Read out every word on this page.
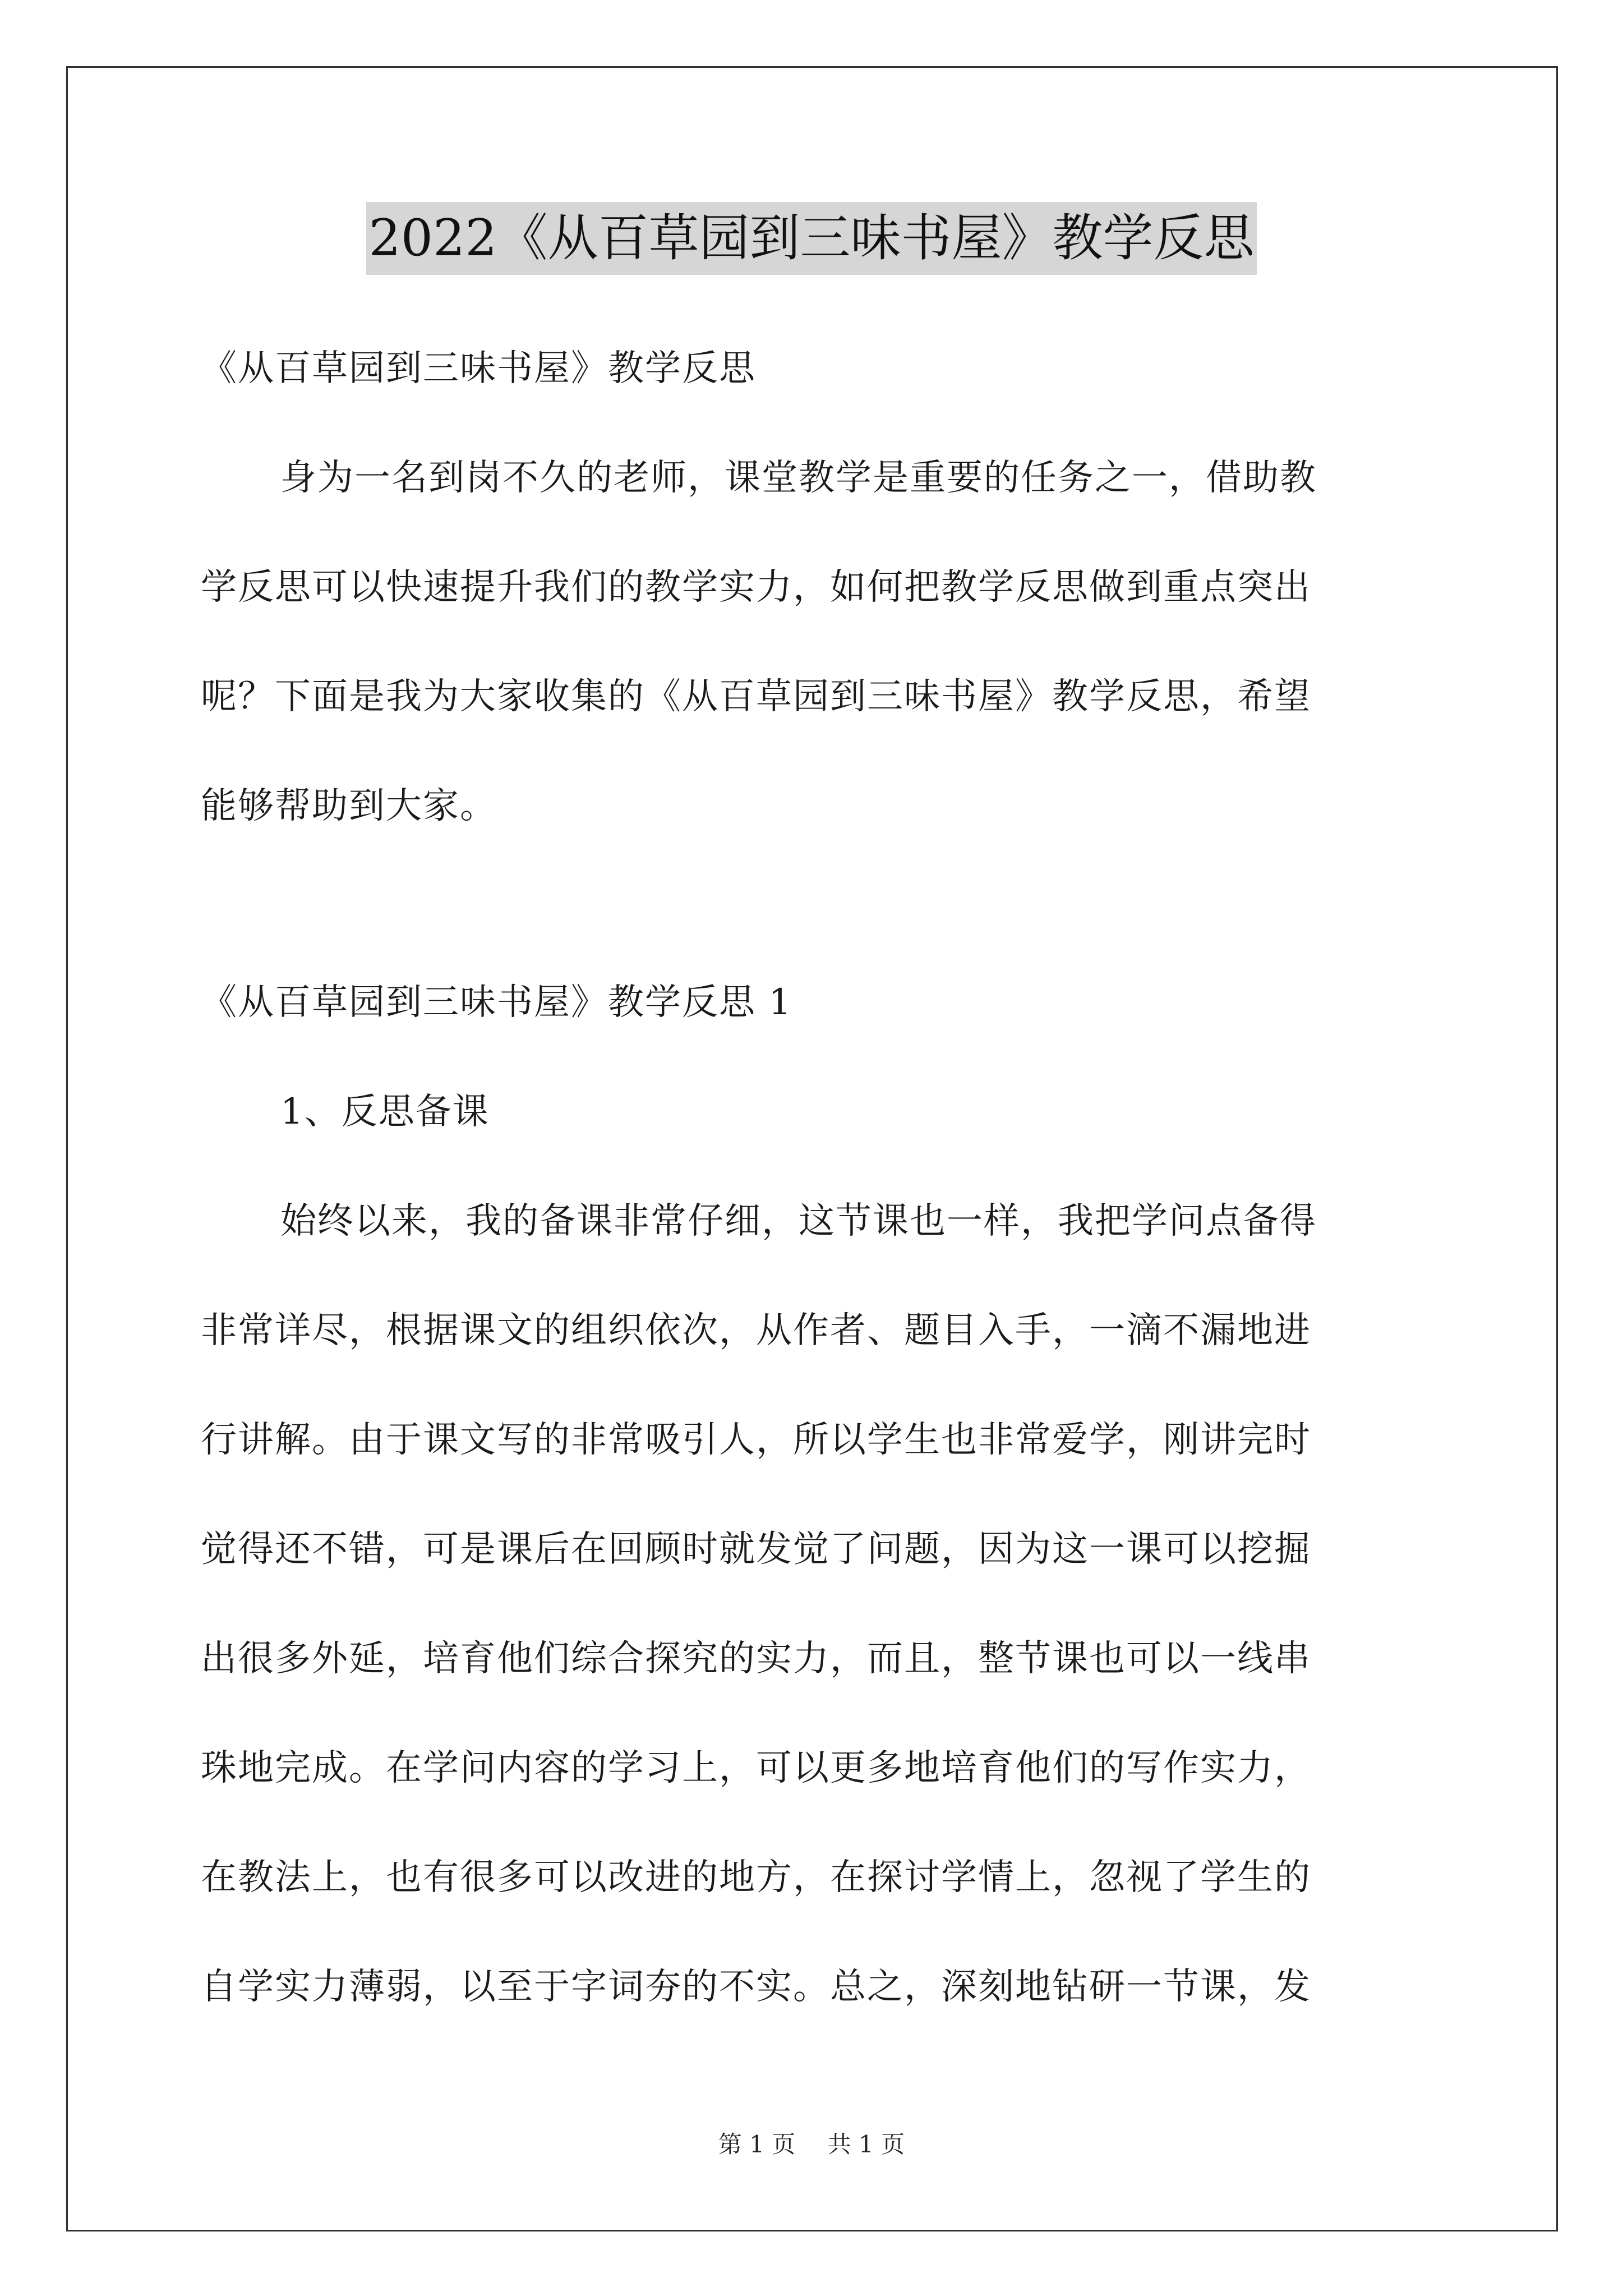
2022《从百草园到三味书屋》教学反思
《从百草园到三味书屋》教学反思
身为一名到岗不久的老师，课堂教学是重要的任务之一，借助教
学反思可以快速提升我们的教学实力，如何把教学反思做到重点突出
呢？下面是我为大家收集的《从百草园到三味书屋》教学反思，希望
能够帮助到大家。
《从百草园到三味书屋》教学反思 1
1、反思备课
始终以来，我的备课非常仔细，这节课也一样，我把学问点备得
非常详尽，根据课文的组织依次，从作者、题目入手，一滴不漏地进
行讲解。由于课文写的非常吸引人，所以学生也非常爱学，刚讲完时
觉得还不错，可是课后在回顾时就发觉了问题，因为这一课可以挖掘
出很多外延，培育他们综合探究的实力，而且，整节课也可以一线串
珠地完成。在学问内容的学习上，可以更多地培育他们的写作实力，
在教法上，也有很多可以改进的地方，在探讨学情上，忽视了学生的
自学实力薄弱，以至于字词夯的不实。总之，深刻地钻研一节课，发
第 1 页 共 1 页
